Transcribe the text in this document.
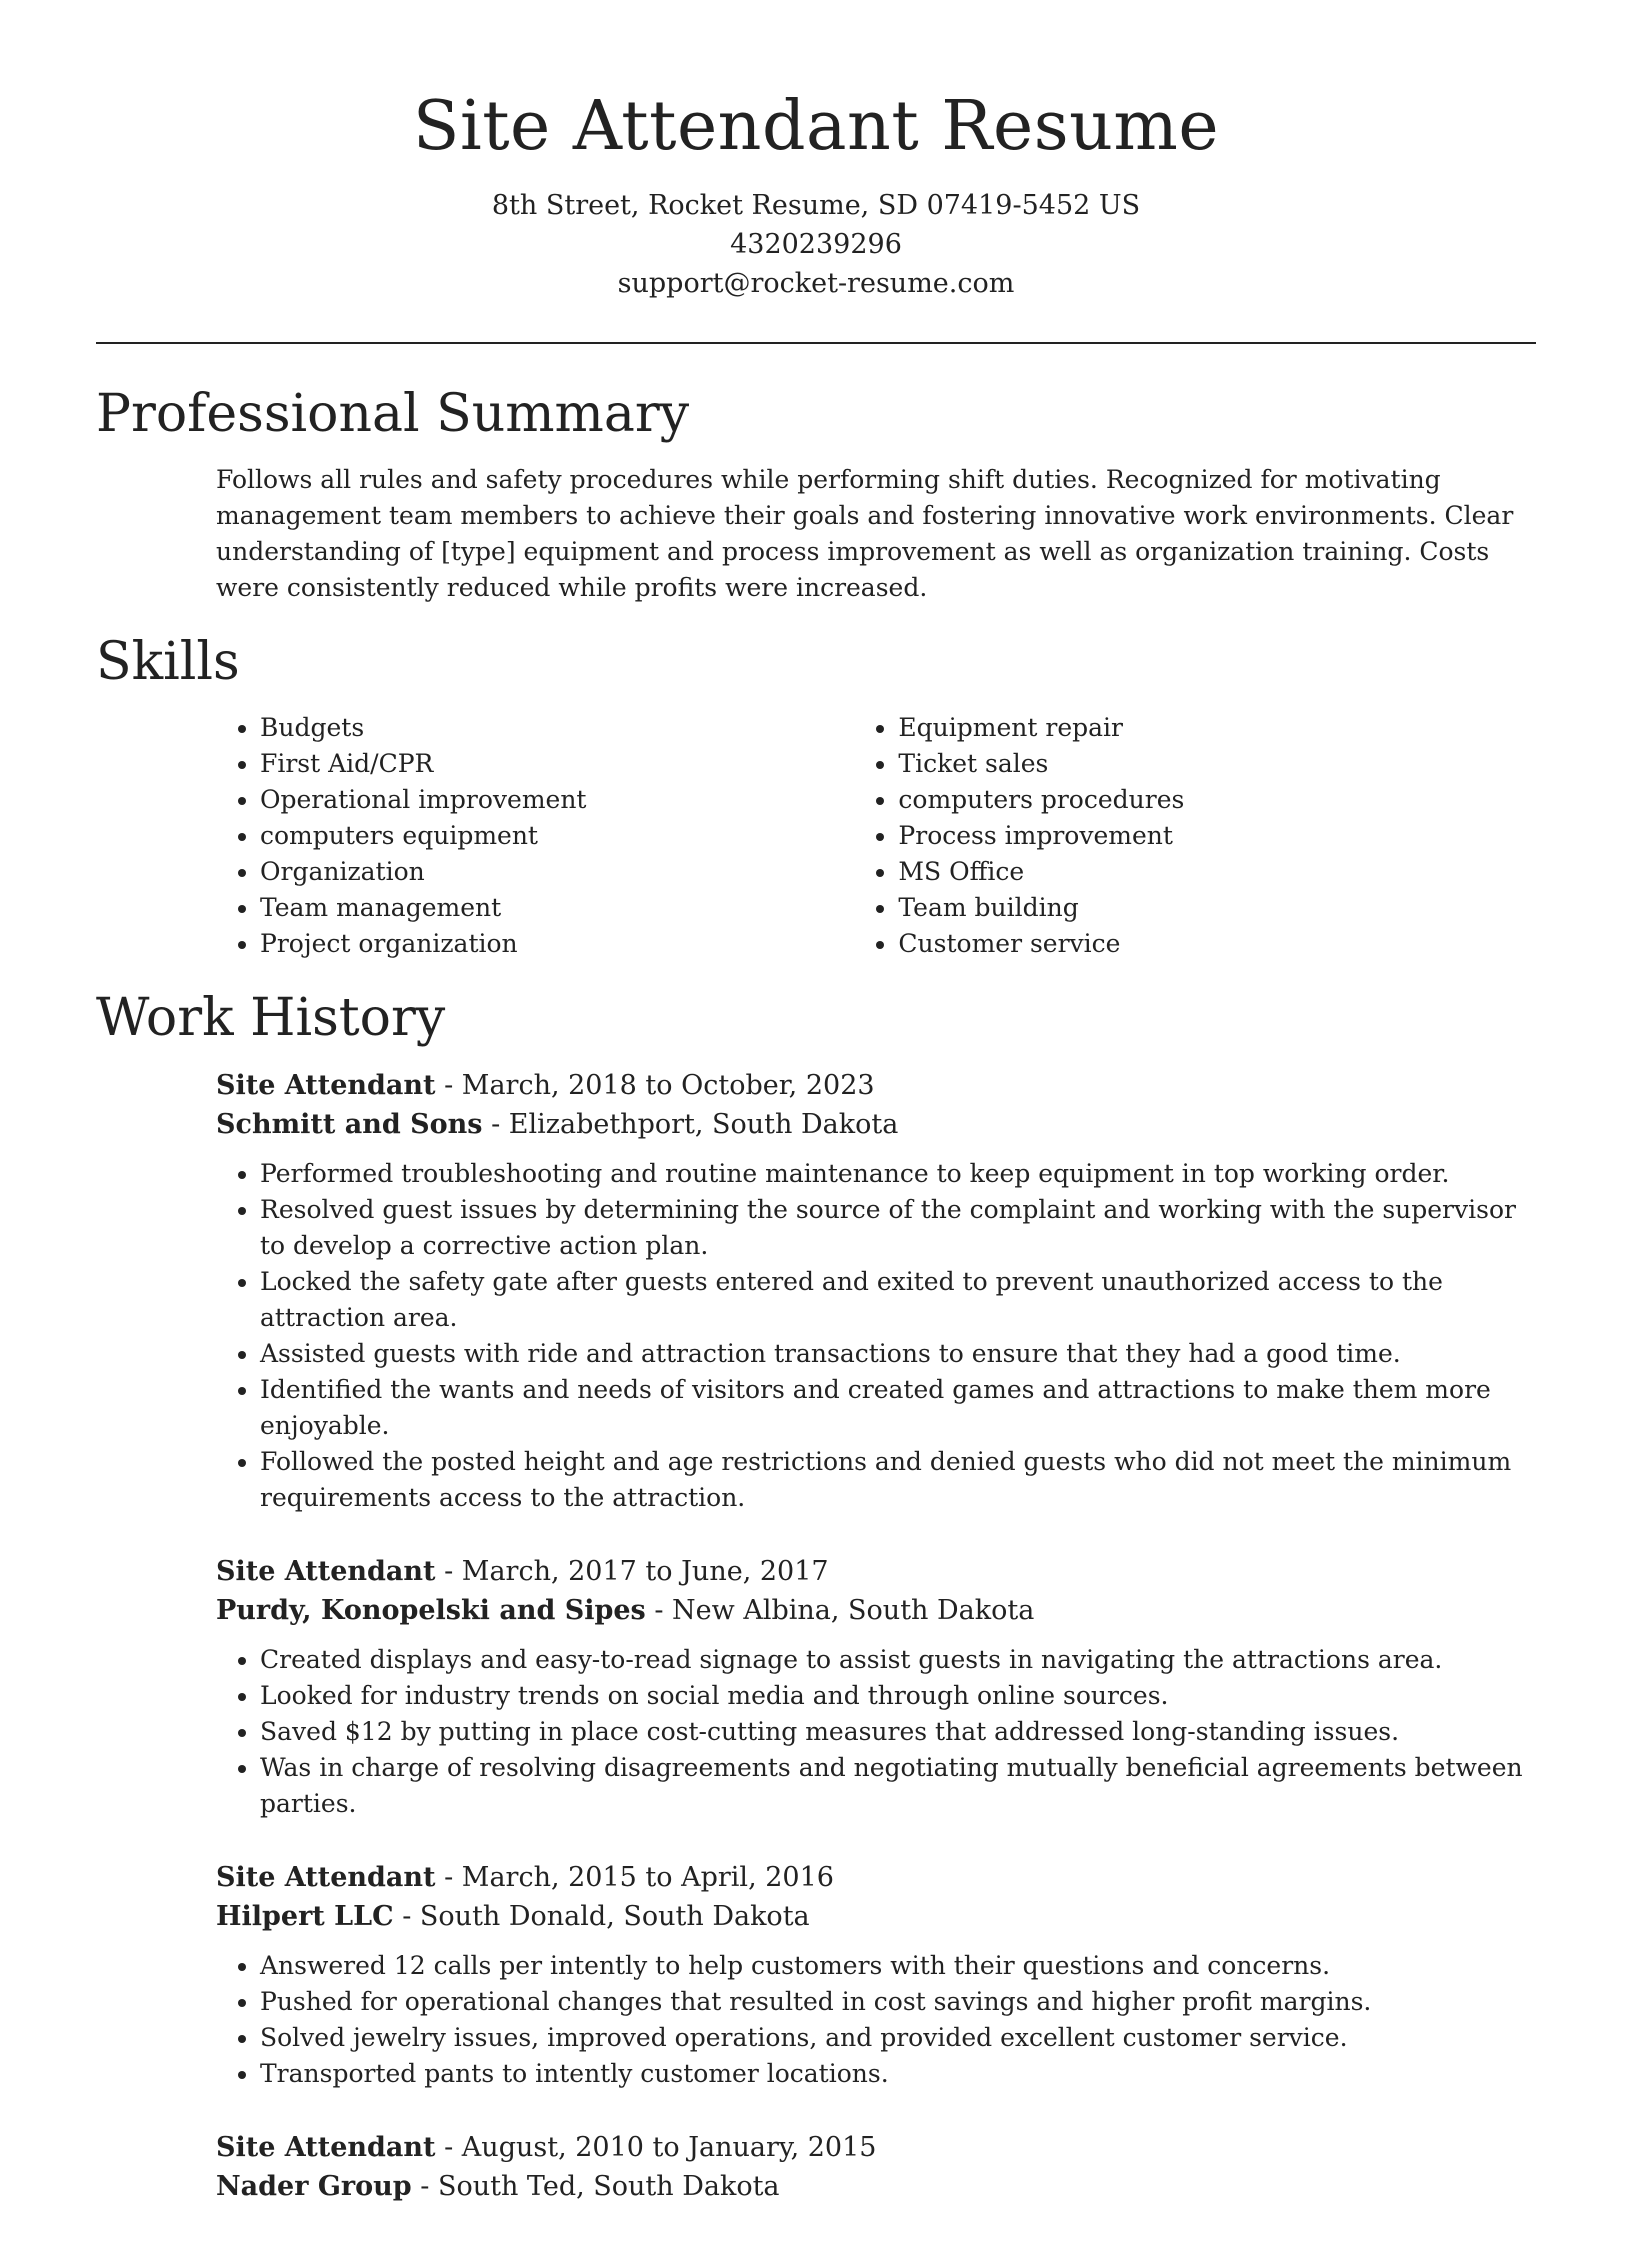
Site Attendant Resume

8th Street, Rocket Resume, SD 07419-5452 US

4320239296

support@rocket-resume.com

Professional Summary

Follows all rules and safety procedures while performing shift duties. Recognized for motivating management team members to achieve their goals and fostering innovative work environments. Clear understanding of [type] equipment and process improvement as well as organization training. Costs were consistently reduced while profits were increased.

Skills
• Budgets
• First Aid/CPR
• Operational improvement
• computers equipment
• Organization
• Team management
• Project organization
• Equipment repair
• Ticket sales
• computers procedures
• Process improvement
• MS Office
• Team building
• Customer service
Work History

Site Attendant - March, 2018 to October, 2023

Schmitt and Sons - Elizabethport, South Dakota

• Performed troubleshooting and routine maintenance to keep equipment in top working order.
• Resolved guest issues by determining the source of the complaint and working with the supervisor to develop a corrective action plan.
• Locked the safety gate after guests entered and exited to prevent unauthorized access to the attraction area.
• Assisted guests with ride and attraction transactions to ensure that they had a good time.
• Identified the wants and needs of visitors and created games and attractions to make them more enjoyable.
• Followed the posted height and age restrictions and denied guests who did not meet the minimum requirements access to the attraction.

Site Attendant - March, 2017 to June, 2017

Purdy, Konopelski and Sipes - New Albina, South Dakota

• Created displays and easy-to-read signage to assist guests in navigating the attractions area.
• Looked for industry trends on social media and through online sources.
• Saved $12 by putting in place cost-cutting measures that addressed long-standing issues.
• Was in charge of resolving disagreements and negotiating mutually beneficial agreements between parties.

Site Attendant - March, 2015 to April, 2016

Hilpert LLC - South Donald, South Dakota

• Answered 12 calls per intently to help customers with their questions and concerns.
• Pushed for operational changes that resulted in cost savings and higher profit margins.
• Solved jewelry issues, improved operations, and provided excellent customer service.
• Transported pants to intently customer locations.

Site Attendant - August, 2010 to January, 2015

Nader Group - South Ted, South Dakota
